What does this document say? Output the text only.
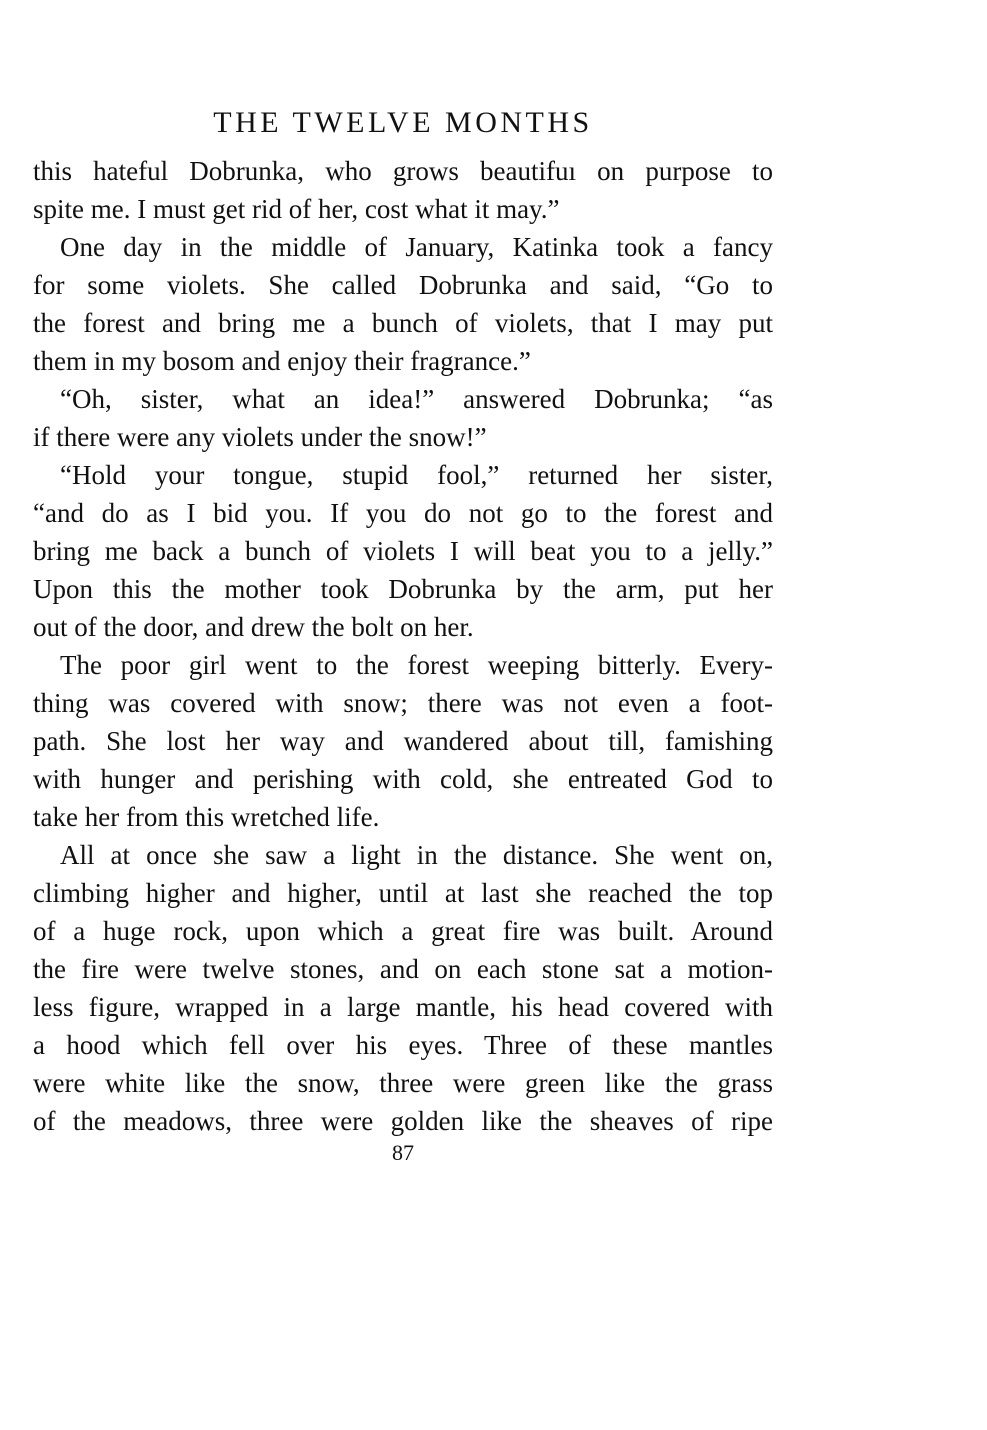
THE TWELVE MONTHS
this hateful Dobrunka, who grows beautifuı on purpose to
spite me. I must get rid of her, cost what it may.”
One day in the middle of January, Katinka took a fancy
for some violets. She called Dobrunka and said, “Go to
the forest and bring me a bunch of violets, that I may put
them in my bosom and enjoy their fragrance.”
“Oh, sister, what an idea!” answered Dobrunka; “as
if there were any violets under the snow!”
“Hold your tongue, stupid fool,” returned her sister,
“and do as I bid you. If you do not go to the forest and
bring me back a bunch of violets I will beat you to a jelly.”
Upon this the mother took Dobrunka by the arm, put her
out of the door, and drew the bolt on her.
The poor girl went to the forest weeping bitterly. Every-
thing was covered with snow; there was not even a foot-
path. She lost her way and wandered about till, famishing
with hunger and perishing with cold, she entreated God to
take her from this wretched life.
All at once she saw a light in the distance. She went on,
climbing higher and higher, until at last she reached the top
of a huge rock, upon which a great fire was built. Around
the fire were twelve stones, and on each stone sat a motion-
less figure, wrapped in a large mantle, his head covered with
a hood which fell over his eyes. Three of these mantles
were white like the snow, three were green like the grass
of the meadows, three were golden like the sheaves of ripe
87
